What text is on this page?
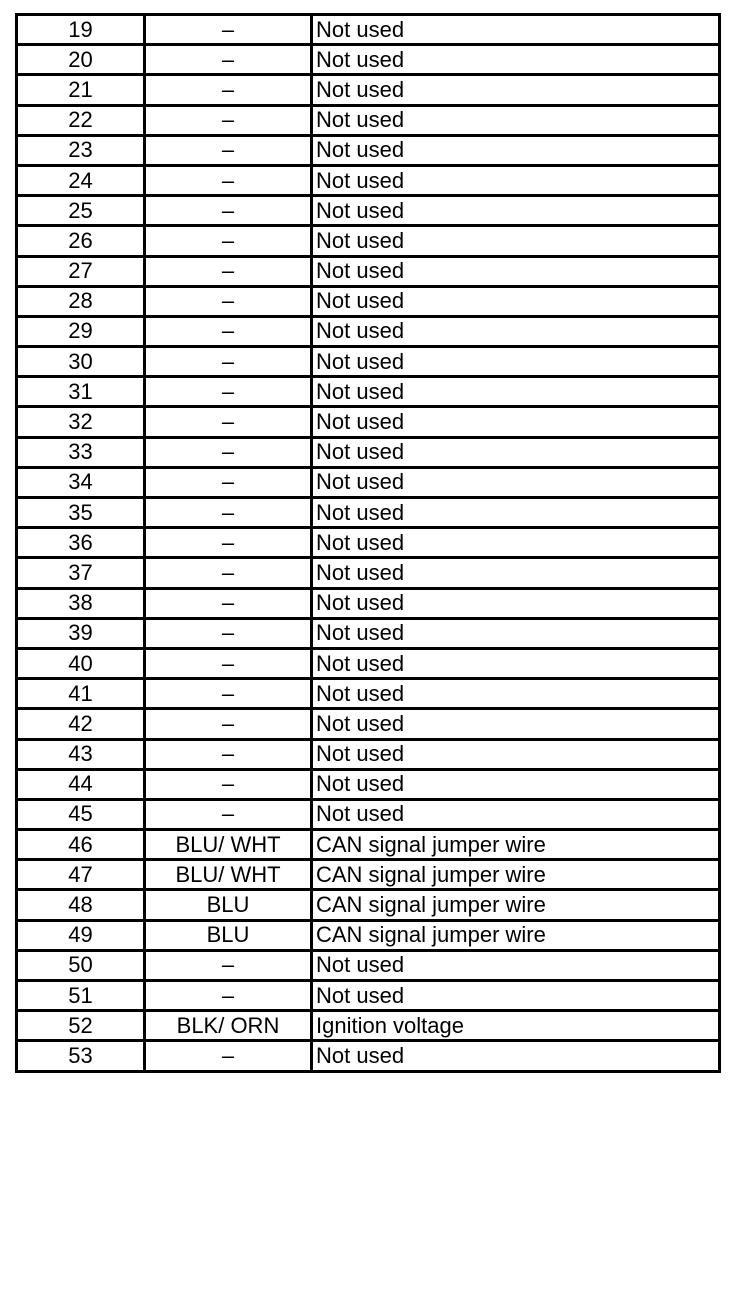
19	–	Not used
20	–	Not used
21	–	Not used
22	–	Not used
23	–	Not used
24	–	Not used
25	–	Not used
26	–	Not used
27	–	Not used
28	–	Not used
29	–	Not used
30	–	Not used
31	–	Not used
32	–	Not used
33	–	Not used
34	–	Not used
35	–	Not used
36	–	Not used
37	–	Not used
38	–	Not used
39	–	Not used
40	–	Not used
41	–	Not used
42	–	Not used
43	–	Not used
44	–	Not used
45	–	Not used
46	BLU/ WHT	CAN signal jumper wire
47	BLU/ WHT	CAN signal jumper wire
48	BLU	CAN signal jumper wire
49	BLU	CAN signal jumper wire
50	–	Not used
51	–	Not used
52	BLK/ ORN	Ignition voltage
53	–	Not used
